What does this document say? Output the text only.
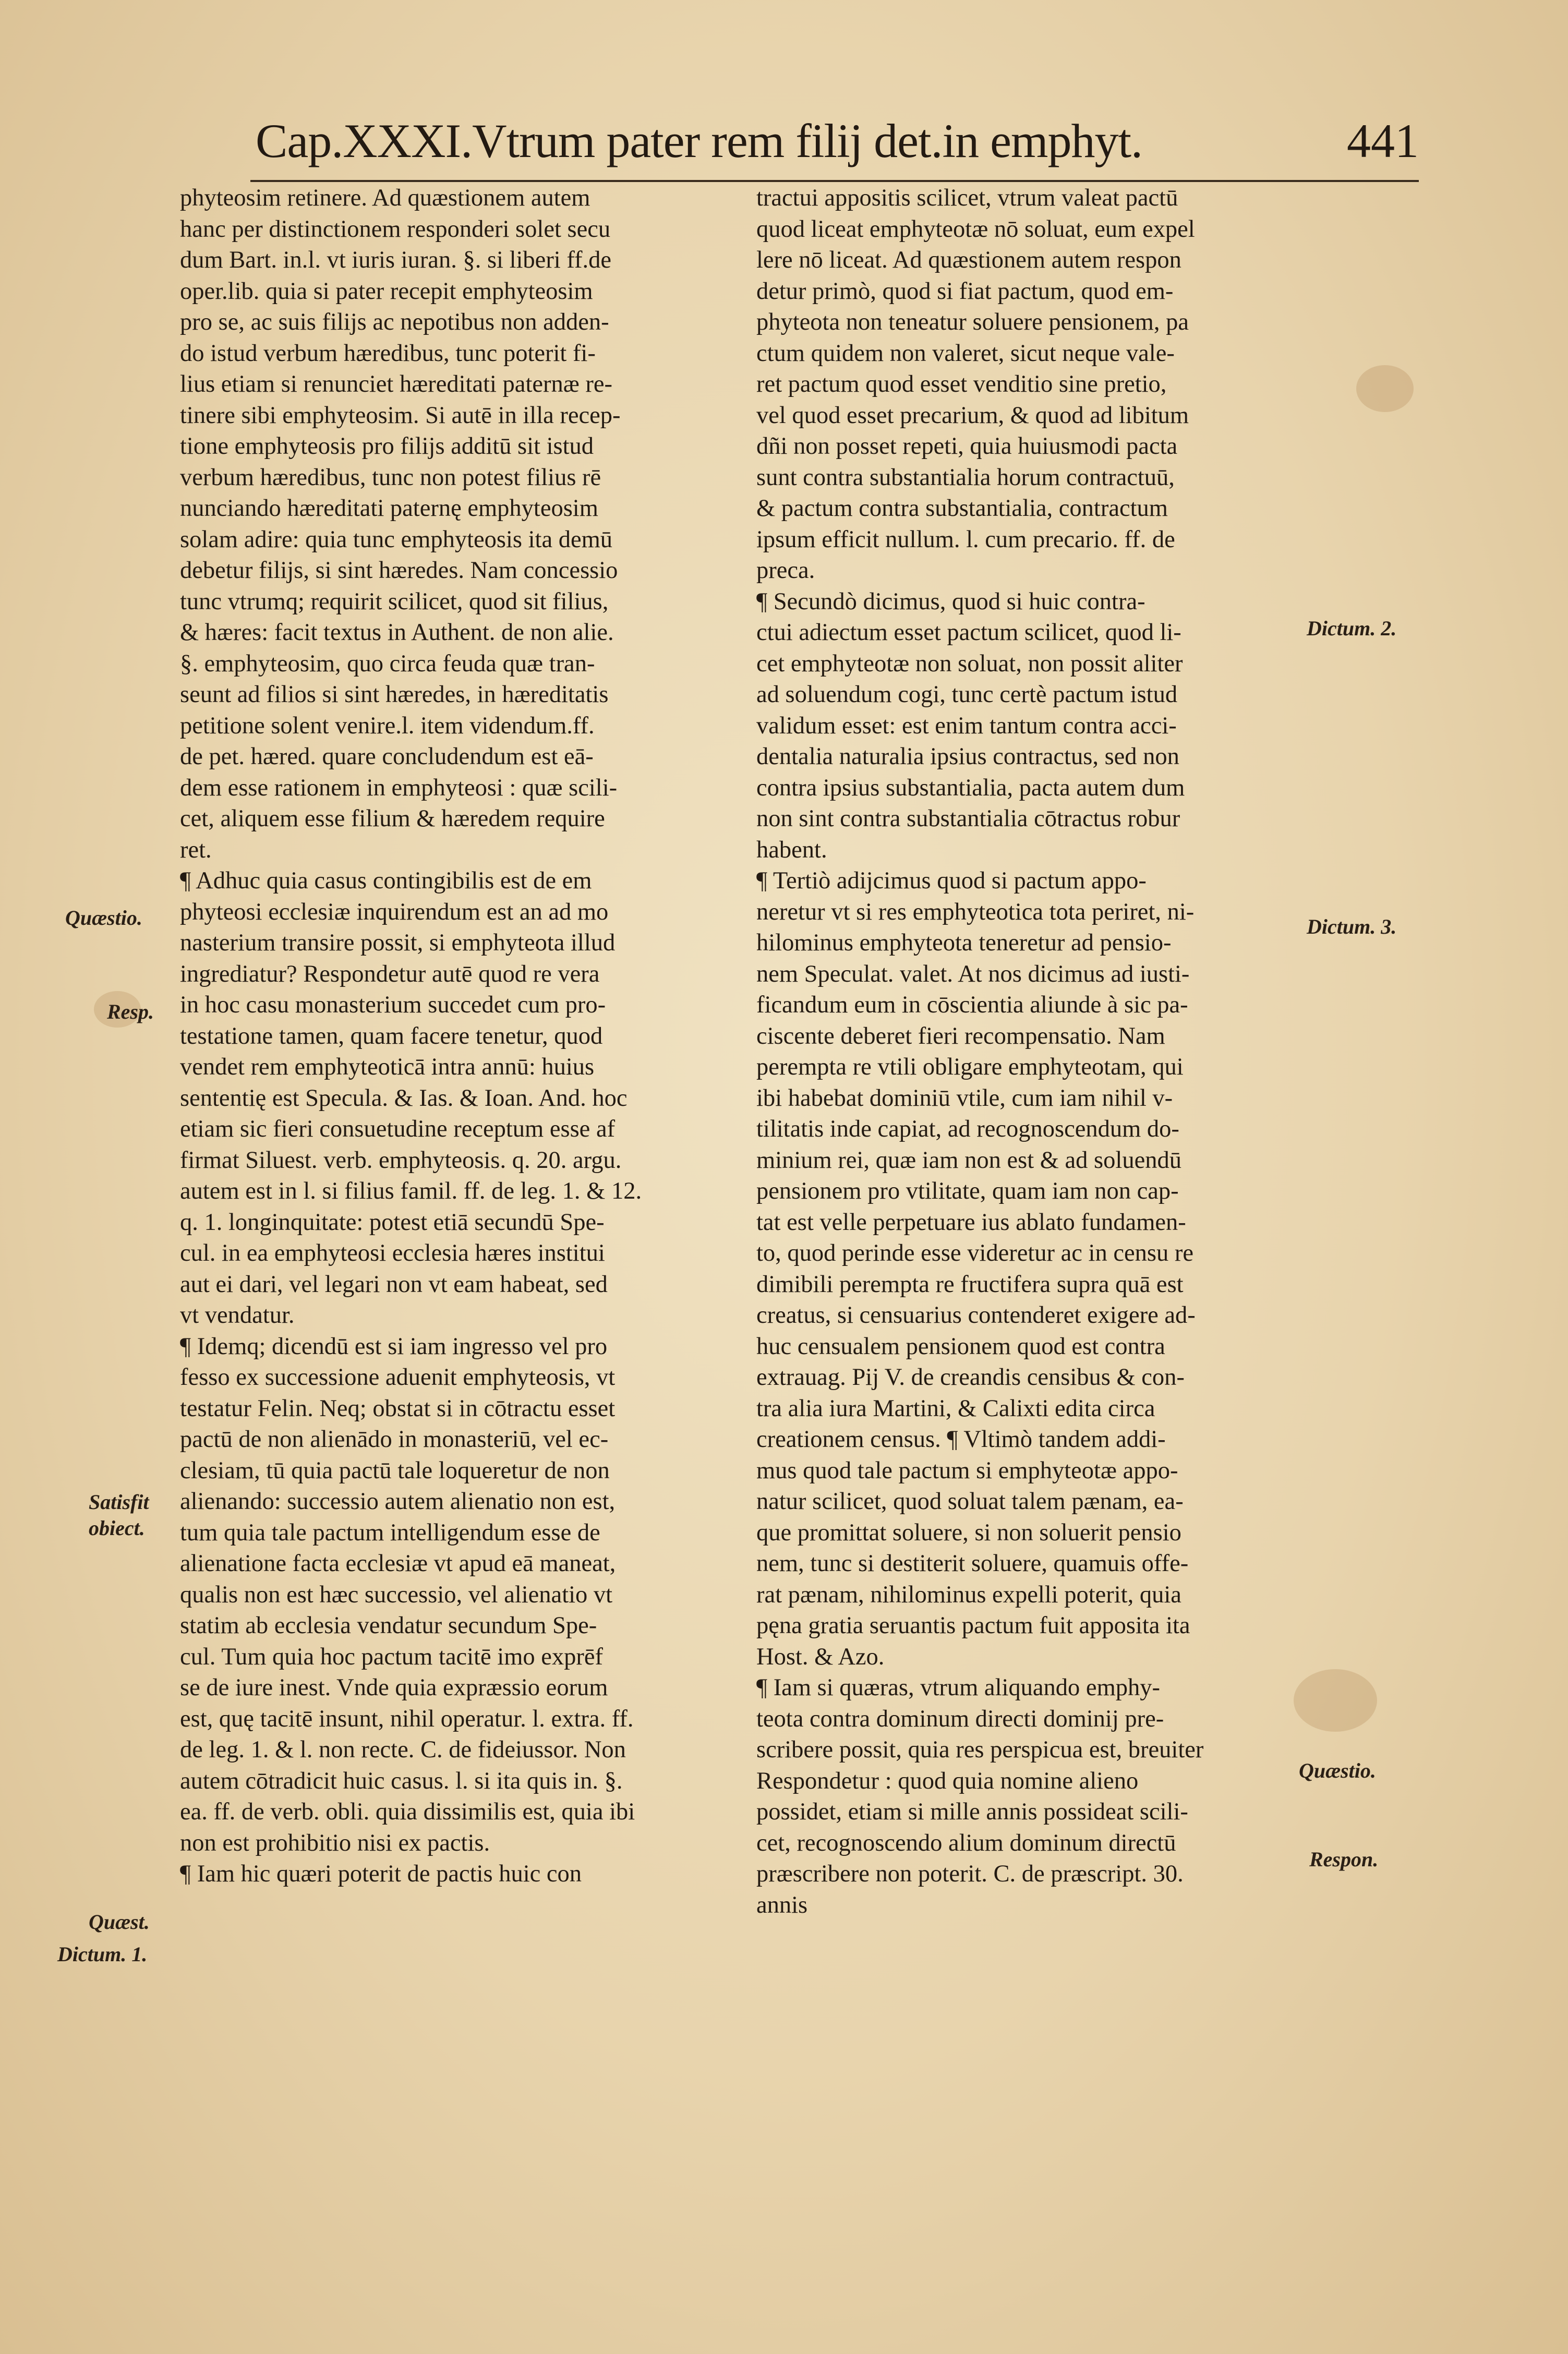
Cap.XXXI.Vtrum pater rem filij det.in emphyt.	441
phyteosim retinere. Ad quæstionem autem
hanc per distinctionem responderi solet secu
dum Bart. in.l. vt iuris iuran. §. si liberi ff.de
oper.lib. quia si pater recepit emphyteosim
pro se, ac suis filijs ac nepotibus non adden-
do istud verbum hæredibus, tunc poterit fi-
lius etiam si renunciet hæreditati paternæ re-
tinere sibi emphyteosim. Si autē in illa recep-
tione emphyteosis pro filijs additū sit istud
verbum hæredibus, tunc non potest filius rē
nunciando hæreditati paternę emphyteosim
solam adire: quia tunc emphyteosis ita demū
debetur filijs, si sint hæredes. Nam concessio
tunc vtrumq; requirit scilicet, quod sit filius,
& hæres: facit textus in Authent. de non alie.
§. emphyteosim, quo circa feuda quæ tran-
seunt ad filios si sint hæredes, in hæreditatis
petitione solent venire.l. item videndum.ff.
de pet. hæred. quare concludendum est eā-
dem esse rationem in emphyteosi : quæ scili-
cet, aliquem esse filium & hæredem require
ret.
¶ Adhuc quia casus contingibilis est de em
phyteosi ecclesiæ inquirendum est an ad mo
nasterium transire possit, si emphyteota illud
ingrediatur? Respondetur autē quod re vera
in hoc casu monasterium succedet cum pro-
testatione tamen, quam facere tenetur, quod
vendet rem emphyteoticā intra annū: huius
sententię est Specula. & Ias. & Ioan. And. hoc
etiam sic fieri consuetudine receptum esse af
firmat Siluest. verb. emphyteosis. q. 20. argu.
autem est in l. si filius famil. ff. de leg. 1. & 12.
q. 1. longinquitate: potest etiā secundū Spe-
cul. in ea emphyteosi ecclesia hæres institui
aut ei dari, vel legari non vt eam habeat, sed
vt vendatur.
¶ Idemq; dicendū est si iam ingresso vel pro
fesso ex successione aduenit emphyteosis, vt
testatur Felin. Neq; obstat si in cōtractu esset
pactū de non alienādo in monasteriū, vel ec-
clesiam, tū quia pactū tale loqueretur de non
alienando: successio autem alienatio non est,
tum quia tale pactum intelligendum esse de
alienatione facta ecclesiæ vt apud eā maneat,
qualis non est hæc successio, vel alienatio vt
statim ab ecclesia vendatur secundum Spe-
cul. Tum quia hoc pactum tacitē imo exprēf
se de iure inest. Vnde quia expræssio eorum
est, quę tacitē insunt, nihil operatur. l. extra. ff.
de leg. 1. & l. non recte. C. de fideiussor. Non
autem cōtradicit huic casus. l. si ita quis in. §.
ea. ff. de verb. obli. quia dissimilis est, quia ibi
non est prohibitio nisi ex pactis.
¶ Iam hic quæri poterit de pactis huic con
tractui appositis scilicet, vtrum valeat pactū
quod liceat emphyteotæ nō soluat, eum expel
lere nō liceat. Ad quæstionem autem respon
detur primò, quod si fiat pactum, quod em-
phyteota non teneatur soluere pensionem, pa
ctum quidem non valeret, sicut neque vale-
ret pactum quod esset venditio sine pretio,
vel quod esset precarium, & quod ad libitum
dñi non posset repeti, quia huiusmodi pacta
sunt contra substantialia horum contractuū,
& pactum contra substantialia, contractum
ipsum efficit nullum. l. cum precario. ff. de
preca.
¶ Secundò dicimus, quod si huic contra-
ctui adiectum esset pactum scilicet, quod li-
cet emphyteotæ non soluat, non possit aliter
ad soluendum cogi, tunc certè pactum istud
validum esset: est enim tantum contra acci-
dentalia naturalia ipsius contractus, sed non
contra ipsius substantialia, pacta autem dum
non sint contra substantialia cōtractus robur
habent.
¶ Tertiò adijcimus quod si pactum appo-
neretur vt si res emphyteotica tota periret, ni-
hilominus emphyteota teneretur ad pensio-
nem Speculat. valet. At nos dicimus ad iusti-
ficandum eum in cōscientia aliunde à sic pa-
ciscente deberet fieri recompensatio. Nam
perempta re vtili obligare emphyteotam, qui
ibi habebat dominiū vtile, cum iam nihil v-
tilitatis inde capiat, ad recognoscendum do-
minium rei, quæ iam non est & ad soluendū
pensionem pro vtilitate, quam iam non cap-
tat est velle perpetuare ius ablato fundamen-
to, quod perinde esse videretur ac in censu re
dimibili perempta re fructifera supra quā est
creatus, si censuarius contenderet exigere ad-
huc censualem pensionem quod est contra
extrauag. Pij V. de creandis censibus & con-
tra alia iura Martini, & Calixti edita circa
creationem census. ¶ Vltimò tandem addi-
mus quod tale pactum si emphyteotæ appo-
natur scilicet, quod soluat talem pænam, ea-
que promittat soluere, si non soluerit pensio
nem, tunc si destiterit soluere, quamuis offe-
rat pænam, nihilominus expelli poterit, quia
pęna gratia seruantis pactum fuit apposita ita
Host. & Azo.
¶ Iam si quæras, vtrum aliquando emphy-
teota contra dominum directi dominij pre-
scribere possit, quia res perspicua est, breuiter
Respondetur : quod quia nomine alieno
possidet, etiam si mille annis possideat scili-
cet, recognoscendo alium dominum directū
præscribere non poterit. C. de præscript. 30.
annis
Quæstio.
Resp.
Satisfit
obiect.
Quæst.
Dictum. 1.
Dictum. 2.
Dictum. 3.
Quæstio.
Respon.
